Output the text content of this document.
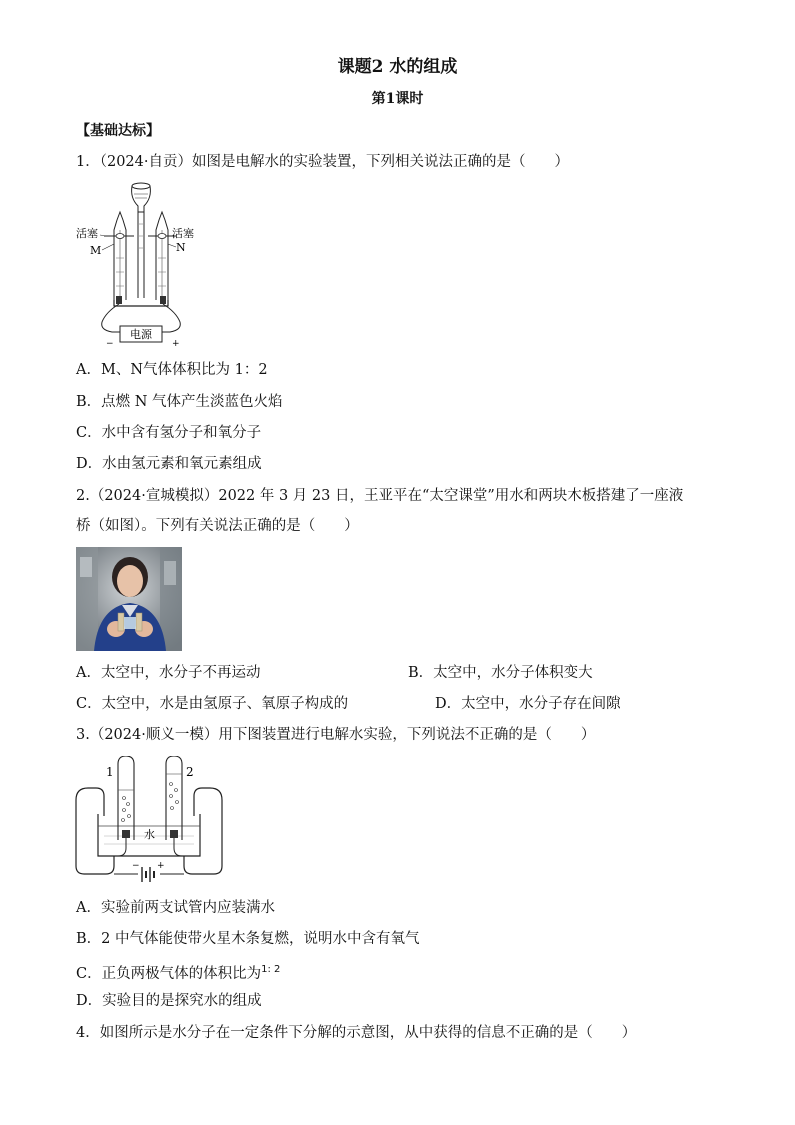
课题2 水的组成
第1课时
【基础达标】
1．（2024·自贡）如图是电解水的实验装置，下列相关说法正确的是（　　）
电源
−	+
活塞
M
活塞
N
A．M、N气体体积比为 1：2
B．点燃 N 气体产生淡蓝色火焰
C．水中含有氢分子和氧分子
D．水由氢元素和氧元素组成
2.（2024·宣城模拟）2022 年 3 月 23 日，王亚平在“太空课堂”用水和两块木板搭建了一座液
桥（如图）。下列有关说法正确的是（　　）
A．太空中，水分子不再运动	B．太空中，水分子体积变大
C．太空中，水是由氢原子、氧原子构成的	D．太空中，水分子存在间隙
3.（2024·顺义一模）用下图装置进行电解水实验，下列说法不正确的是（　　）
1	2
水
− +
A．实验前两支试管内应装满水
B．2 中气体能使带火星木条复燃，说明水中含有氧气
C．正负两极气体的体积比为$^{1: 2}$
D．实验目的是探究水的组成
4．如图所示是水分子在一定条件下分解的示意图，从中获得的信息不正确的是（　　）
